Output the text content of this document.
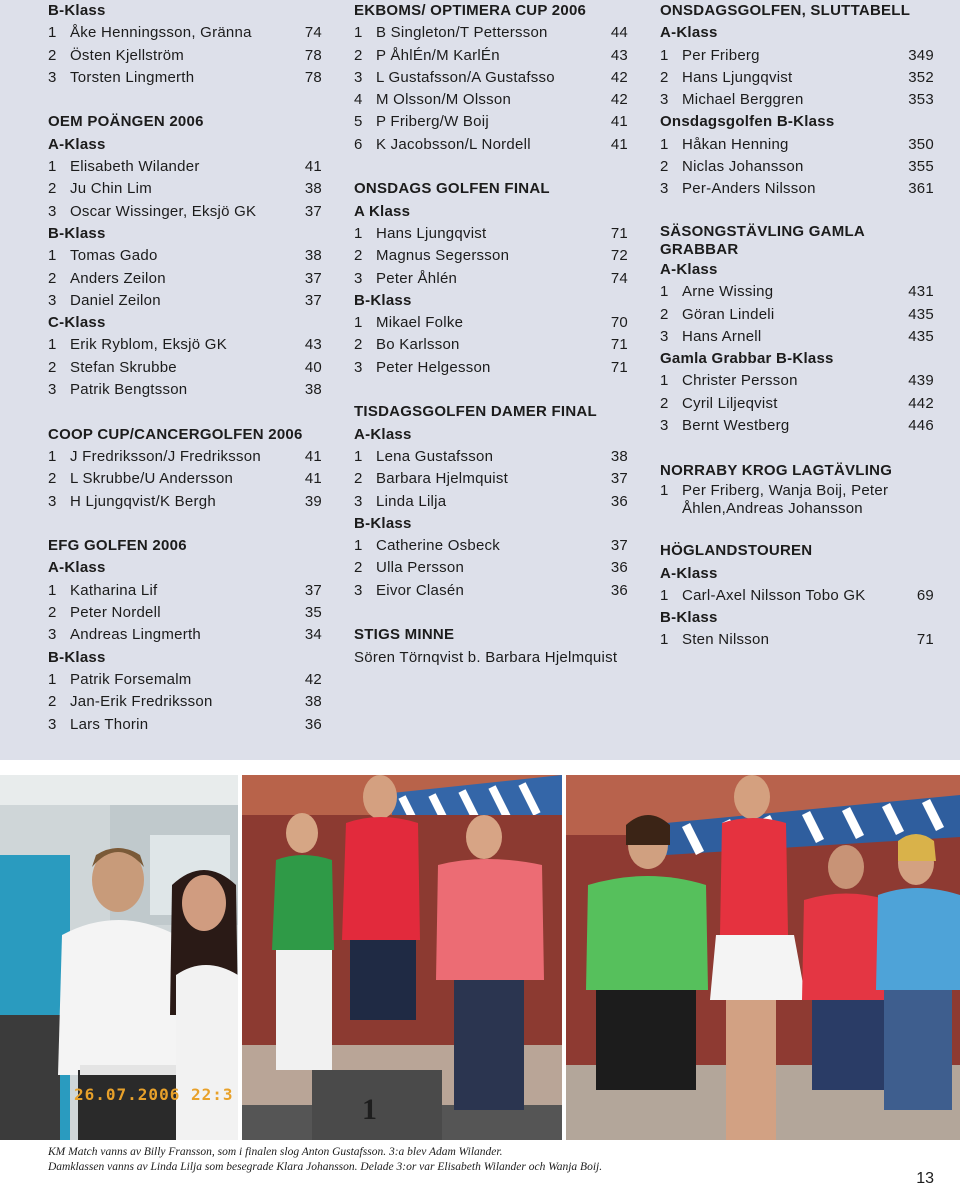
B-Klass
1 Åke Henningsson, Gränna	74
2 Östen Kjellström	78
3 Torsten Lingmerth	78
OEM POÄNGEN 2006
A-Klass
1 Elisabeth Wilander	41
2 Ju Chin Lim	38
3 Oscar Wissinger, Eksjö GK	37
B-Klass
1 Tomas Gado	38
2 Anders Zeilon	37
3 Daniel Zeilon	37
C-Klass
1 Erik Ryblom, Eksjö GK	43
2 Stefan Skrubbe	40
3 Patrik Bengtsson	38
COOP CUP/CANCERGOLFEN 2006
1 J Fredriksson/J Fredriksson	41
2 L Skrubbe/U Andersson	41
3 H Ljungqvist/K Bergh	39
EFG GOLFEN 2006
A-Klass
1 Katharina Lif	37
2 Peter Nordell	35
3 Andreas Lingmerth	34
B-Klass
1 Patrik Forsemalm	42
2 Jan-Erik Fredriksson	38
3 Lars Thorin	36
EKBOMS/ OPTIMERA CUP 2006
1 B Singleton/T Pettersson	44
2 P ÅhlÉn/M KarlÉn	43
3 L Gustafsson/A Gustafsso	42
4 M Olsson/M Olsson	42
5 P Friberg/W Boij	41
6 K Jacobsson/L Nordell	41
ONSDAGS GOLFEN FINAL
A Klass
1 Hans Ljungqvist	71
2 Magnus Segersson	72
3 Peter Åhlén	74
B-Klass
1 Mikael Folke	70
2 Bo Karlsson	71
3 Peter Helgesson	71
TISDAGSGOLFEN DAMER FINAL
A-Klass
1 Lena Gustafsson	38
2 Barbara Hjelmquist	37
3 Linda Lilja	36
B-Klass
1 Catherine Osbeck	37
2 Ulla Persson	36
3 Eivor Clasén	36
STIGS MINNE
Sören Törnqvist b. Barbara Hjelmquist
ONSDAGSGOLFEN, SLUTTABELL
A-Klass
1 Per Friberg	349
2 Hans Ljungqvist	352
3 Michael Berggren	353
Onsdagsgolfen B-Klass
1 Håkan Henning	350
2 Niclas Johansson	355
3 Per-Anders Nilsson	361
SÄSONGSTÄVLING GAMLA GRABBAR
A-Klass
1 Arne Wissing	431
2 Göran Lindeli	435
3 Hans Arnell	435
Gamla Grabbar B-Klass
1 Christer Persson	439
2 Cyril Liljeqvist	442
3 Bernt Westberg	446
NORRABY KROG LAGTÄVLING
1 Per Friberg, Wanja Boij, Peter Åhlen,Andreas Johansson
HÖGLANDSTOUREN
A-Klass
1 Carl-Axel Nilsson Tobo GK	69
B-Klass
1 Sten Nilsson	71
26.07.2006 22:3	1
KM Match vanns av Billy Fransson, som i finalen slog Anton Gustafsson. 3:a blev Adam Wilander.
Damklassen vanns av Linda Lilja som besegrade Klara Johansson. Delade 3:or var Elisabeth Wilander och Wanja Boij.
13
